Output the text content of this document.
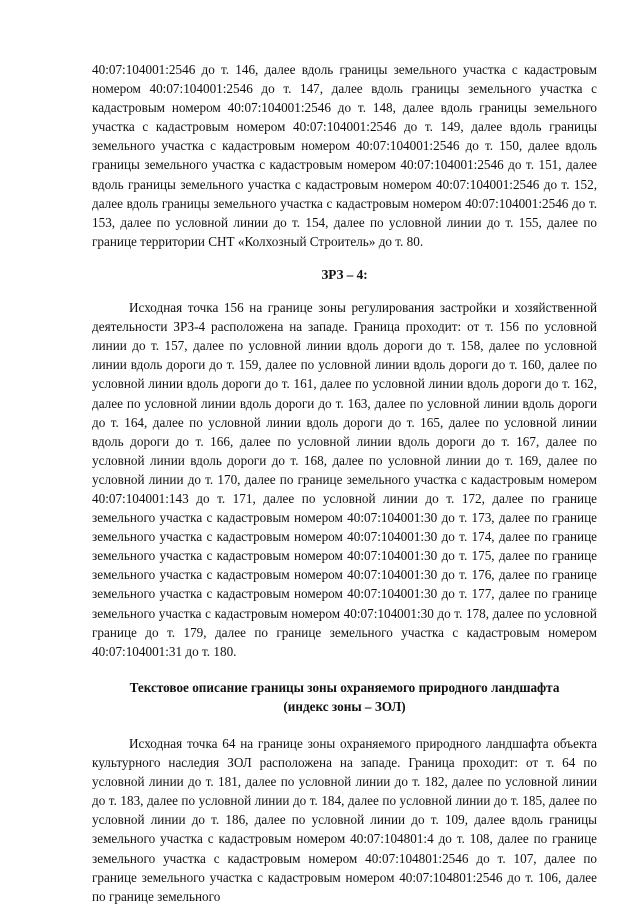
40:07:104001:2546 до т. 146, далее вдоль границы земельного участка с кадастровым номером 40:07:104001:2546 до т. 147, далее вдоль границы земельного участка с кадастровым номером 40:07:104001:2546 до т. 148, далее вдоль границы земельного участка с кадастровым номером 40:07:104001:2546 до т. 149, далее вдоль границы земельного участка с кадастровым номером 40:07:104001:2546 до т. 150, далее вдоль границы земельного участка с кадастровым номером 40:07:104001:2546 до т. 151, далее вдоль границы земельного участка с кадастровым номером 40:07:104001:2546 до т. 152, далее вдоль границы земельного участка с кадастровым номером 40:07:104001:2546 до т. 153, далее по условной линии до т. 154, далее по условной линии до т. 155, далее по границе территории СНТ «Колхозный Строитель» до т. 80.

ЗРЗ – 4:

Исходная точка 156 на границе зоны регулирования застройки и хозяйственной деятельности ЗРЗ-4 расположена на западе. Граница проходит: от т. 156 по условной линии до т. 157, далее по условной линии вдоль дороги до т. 158, далее по условной линии вдоль дороги до т. 159, далее по условной линии вдоль дороги до т. 160, далее по условной линии вдоль дороги до т. 161, далее по условной линии вдоль дороги до т. 162, далее по условной линии вдоль дороги до т. 163, далее по условной линии вдоль дороги до т. 164, далее по условной линии вдоль дороги до т. 165, далее по условной линии вдоль дороги до т. 166, далее по условной линии вдоль дороги до т. 167, далее по условной линии вдоль дороги до т. 168, далее по условной линии до т. 169, далее по условной линии до т. 170, далее по границе земельного участка с кадастровым номером 40:07:104001:143 до т. 171, далее по условной линии до т. 172, далее по границе земельного участка с кадастровым номером 40:07:104001:30 до т. 173, далее по границе земельного участка с кадастровым номером 40:07:104001:30 до т. 174, далее по границе земельного участка с кадастровым номером 40:07:104001:30 до т. 175, далее по границе земельного участка с кадастровым номером 40:07:104001:30 до т. 176, далее по границе земельного участка с кадастровым номером 40:07:104001:30 до т. 177, далее по границе земельного участка с кадастровым номером 40:07:104001:30 до т. 178, далее по условной границе до т. 179, далее по границе земельного участка с кадастровым номером 40:07:104001:31 до т. 180.

Текстовое описание границы зоны охраняемого природного ландшафта
(индекс зоны – ЗОЛ)

Исходная точка 64 на границе зоны охраняемого природного ландшафта объекта культурного наследия ЗОЛ расположена на западе. Граница проходит: от т. 64 по условной линии до т. 181, далее по условной линии до т. 182, далее по условной линии до т. 183, далее по условной линии до т. 184, далее по условной линии до т. 185, далее по условной линии до т. 186, далее по условной линии до т. 109, далее вдоль границы земельного участка с кадастровым номером 40:07:104801:4 до т. 108, далее по границе земельного участка с кадастровым номером 40:07:104801:2546 до т. 107, далее по границе земельного участка с кадастровым номером 40:07:104801:2546 до т. 106, далее по границе земельного
